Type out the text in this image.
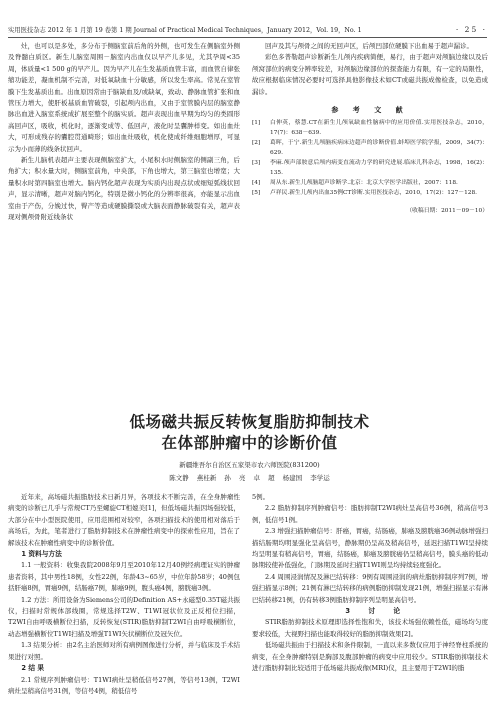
实用医技杂志 2012 年 1 月第 19 卷第 1 期 Journal of Practical Medical Techniques，January 2012，Vol. 19，No. 1	· 25 ·

灶，也可以是多处，多分布于侧脑室前后角的外侧，也可发生在侧脑室外侧及脊髓白质区。新生儿脑室周围－脑室内出血仅以早产儿多见，尤其孕周<35周，体质量<1 500 g的早产儿。因为早产儿在生发基质血管丰富，而血管自律张缩功能差，凝血机制不完善，对低氧缺血十分敏感，所以发生率高。常见在室管膜下生发基质出血。出血原因常由于脑缺血及/或缺氧，致动、静脉血管扩张和血管压力增大，使肝板基质血管破裂，引起颅内出血，又由于室管膜内层的脑室静脉出血进入脑室系统成扩展至整个的脑实质。超声表现出血早期为均匀的类圆形高回声区，吸收，机化时，逐渐变成等、低回声，液化时呈囊肿样变。如出血灶大，可形成残存的囊腔贯通畸形；如出血灶吸收，机化使成纤维细胞增厚，可显示为小而薄的线条状回声。

新生儿脑机表超声主要表现侧脑室扩大，小尾积水时侧脑室的侧副三角，后角扩大；积水量大时，侧脑室前角，中央部，下角也增大，第三脑室也增宽；大量积水时第四脑室也增大。脑内钙化超声表现为实质内出现点状或细短弧线状回声，显示清晰，超声对脑内钙化，特别是微小钙化的分辨率很高，亦能显示出血室由于产伤，分娩过快，臀产等造成硬膜撕裂或大脑表面静脉破裂有关，超声表现对侧颅骨附近线条状

回声及其与颅骨之间的无回声区，后颅凹部位硬膜下出血易于超声漏诊。

彩色多普勒超声诊断新生儿颅内疾病简便，易行，由于超声对颅脑边缘以及后颅窝部位的病变分辨率较差，对颅脑边缘部位的探查能力有限，有一定的局限性，故应根据临床情况必要时可选择具他影像技术如CT或磁共振成像检查，以免造成漏诊。

参 考 文 献
[1]	白伸英，蔡慧.CT在新生儿颅氧缺血性脑病中的应用价值.实用医技杂志，2010，17(7)：638－639.
[2]	葛晖，于宁.新生儿颅脑疾病床边超声的诊断价值.蚌埠医学院学报，2009，34(7)：629.
[3]	李麻.颅声部胺意后颅内病变直流动力学的研究进展.临床儿科杂志，1998，16(2)：135.
[4]	周从东.新生儿颅脑超声诊断学.北京：北京大学医学出版社，2007：118.
[5]	卢祥民.新生儿颅内出血35例CT诊断.实用医技杂志，2010，17(2)：127－128.
（收稿日期：2011－09－10）
低场磁共振反转恢复脂肪抑制技术
在体部肿瘤中的诊断价值
新疆维吾尔自治区五家渠市农六师医院(831200)
陈文静 燕桂新 孙 亮 卓 超 杨建国 李学运

近年来，高场磁共振脂肪技术日新月异，各项技术不断完善，在全身肿瘤性病变的诊断已几乎与常规CT乃至螺旋CT相媲美[1]，但低场磁共振因场强较低，大部分在中小型医院使用，应用范围相对较窄，各项扫描技术的使用相对落后于高场后，为此，笔者进行了脂肪抑制技术在肿瘤性病变中的探索性应用，旨在了解该技术在肿瘤性病变中的诊断价值。

1 资料与方法

1.1 一般资料：收集我院2008年9月至2010年12月40例经病理证实的肿瘤患者资料，其中男性18例，女性22例，年龄43~65岁，中位年龄58岁；40例包括肝癌8例，胃癌9例，结肠癌7例，肺癌9例，腹头癌4例，膀胱癌3例。

1.2 方法：所用设备为Siemens公司的Definition AS+永磁型0.35T磁共振仪，扫描时常规体部线圈，常规选择T2W、T1WI冠状位及正反相位扫描，T2WI自由呼吸横断位扫描，反转恢复(STIR)脂肪抑制T2WI自由呼吸横断位，动态增强横断位T1WI扫描及增强T1WI矢状横断位及冠矢位。

1.3 结果分析：由2名主治医师对所有病例图像进行分析，并与临床及手术结果进行对照。

2 结 果

2.1 常规序列肿瘤信号：T1WI病灶呈稍低信号27例，等信号13例，T2WI病灶呈稍高信号31例，等信号4例，稍低信号

5例。

2.2 脂肪抑制序列肿瘤信号：脂肪抑制T2WI病灶呈高信号36例，稍高信号3例，低信号1例。

2.3 增强扫描肿瘤信号：肝癌，胃癌，结肠癌，肺癌及膀胱癌36例动脉增强扫描结肠期均明显强化呈高信号，静脉期仍呈高及稍高信号，延迟扫描T1WI呈持续均呈明显有稍高信号，胃癌，结肠癌，肺癌及膀胱癌仍呈稍高信号，膜头癌的低动脉期较使补低强化，门脉期及延时扫描T1WI则呈均持续轻度强化。

2.4 周围浸润情况及淋巴结转移：9例有周围浸润的病灶脂肪抑制序列7例，增强扫描显示8例；21例有淋巴结转移的病例脂肪抑制发现21例，增强扫描显示有淋巴结转移21例，仍有转移3例脂肪抑制序列呈明显高信号。

3 讨 论

STIR脂肪抑制技术原理即选择性饱和失，该技术场强依赖性低，磁场均匀度要求较低，大视野扫描也能取得较好的脂肪抑制效果[2]。

低场磁共振由于扫描技术和条件限制，一直以来多数仅应用于神经脊柱系统的病变，在全身肿瘤特别是胸部及腹部肿瘤的病变中应用较少。STIR脂肪抑制技术进行脂肪抑制比较适用于低场磁共振成像(MRI)仪，且主要用于T2WI的脂
